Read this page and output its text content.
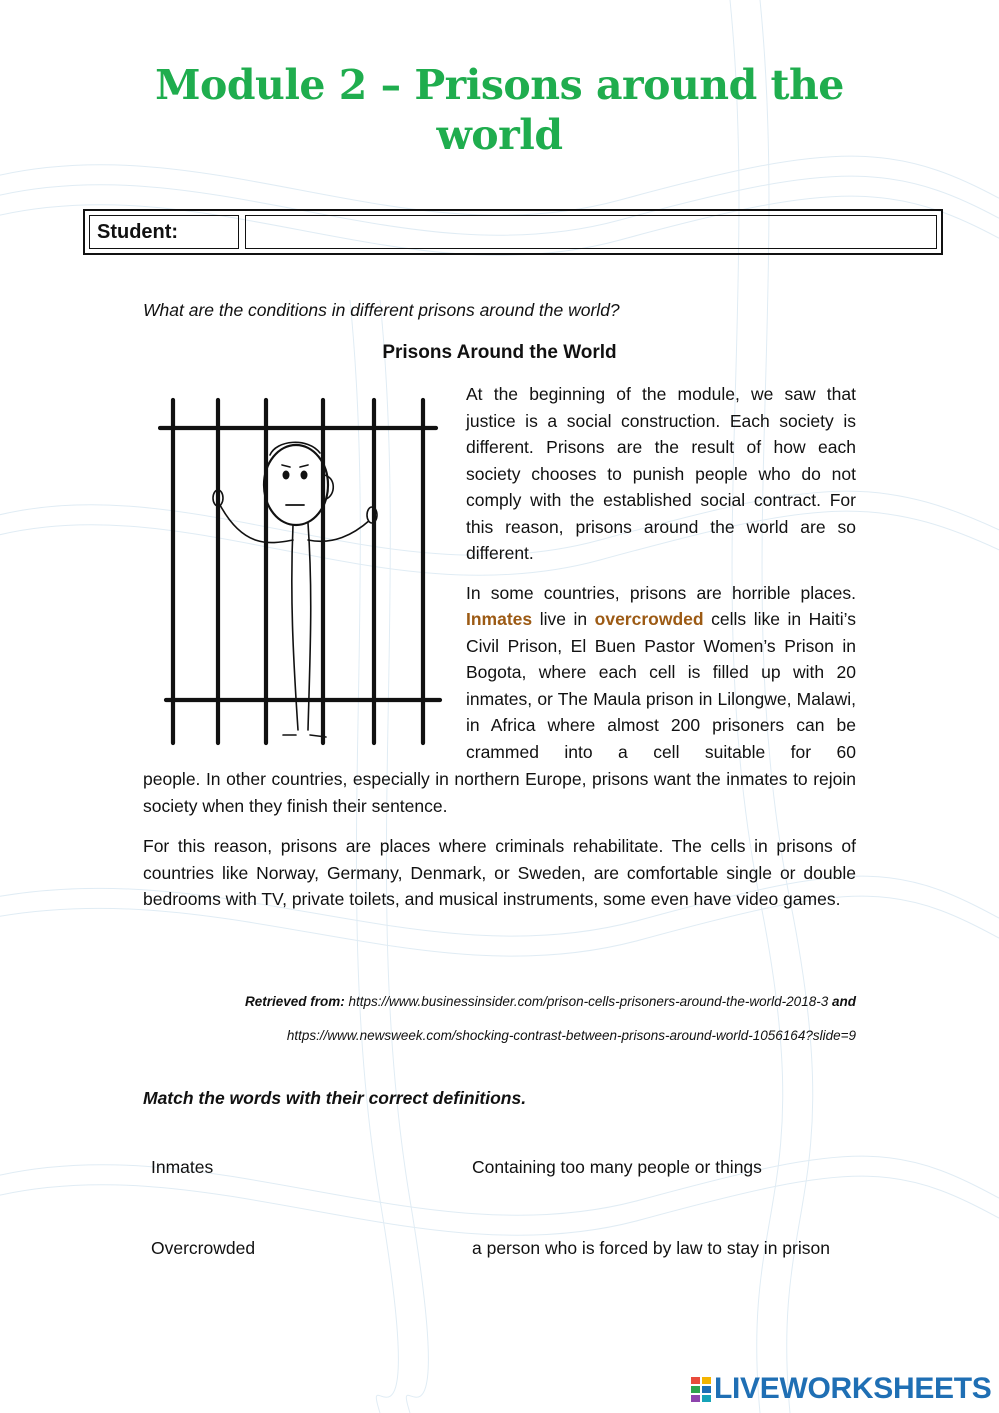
Module 2 – Prisons around the
world
Student:
What are the conditions in different prisons around the world?
Prisons Around the World

At the beginning of the module, we saw that justice is a social construction. Each society is different. Prisons are the result of how each society chooses to punish people who do not comply with the established social contract. For this reason, prisons around the world are so different.

In some countries, prisons are horrible places. Inmates live in overcrowded cells like in Haiti’s Civil Prison, El Buen Pastor Women’s Prison in Bogota, where each cell is filled up with 20 inmates, or The Maula prison in Lilongwe, Malawi, in Africa where almost 200 prisoners can be crammed into a cell suitable for 60

people. In other countries, especially in northern Europe, prisons want the inmates to rejoin society when they finish their sentence.

For this reason, prisons are places where criminals rehabilitate. The cells in prisons of countries like Norway, Germany, Denmark, or Sweden, are comfortable single or double bedrooms with TV, private toilets, and musical instruments, some even have video games.

Retrieved from: https://www.businessinsider.com/prison-cells-prisoners-around-the-world-2018-3 and
https://www.newsweek.com/shocking-contrast-between-prisons-around-world-1056164?slide=9
Match the words with their correct definitions.
Inmates	Containing too many people or things
Overcrowded	a person who is forced by law to stay in prison
LIVEWORKSHEETS
